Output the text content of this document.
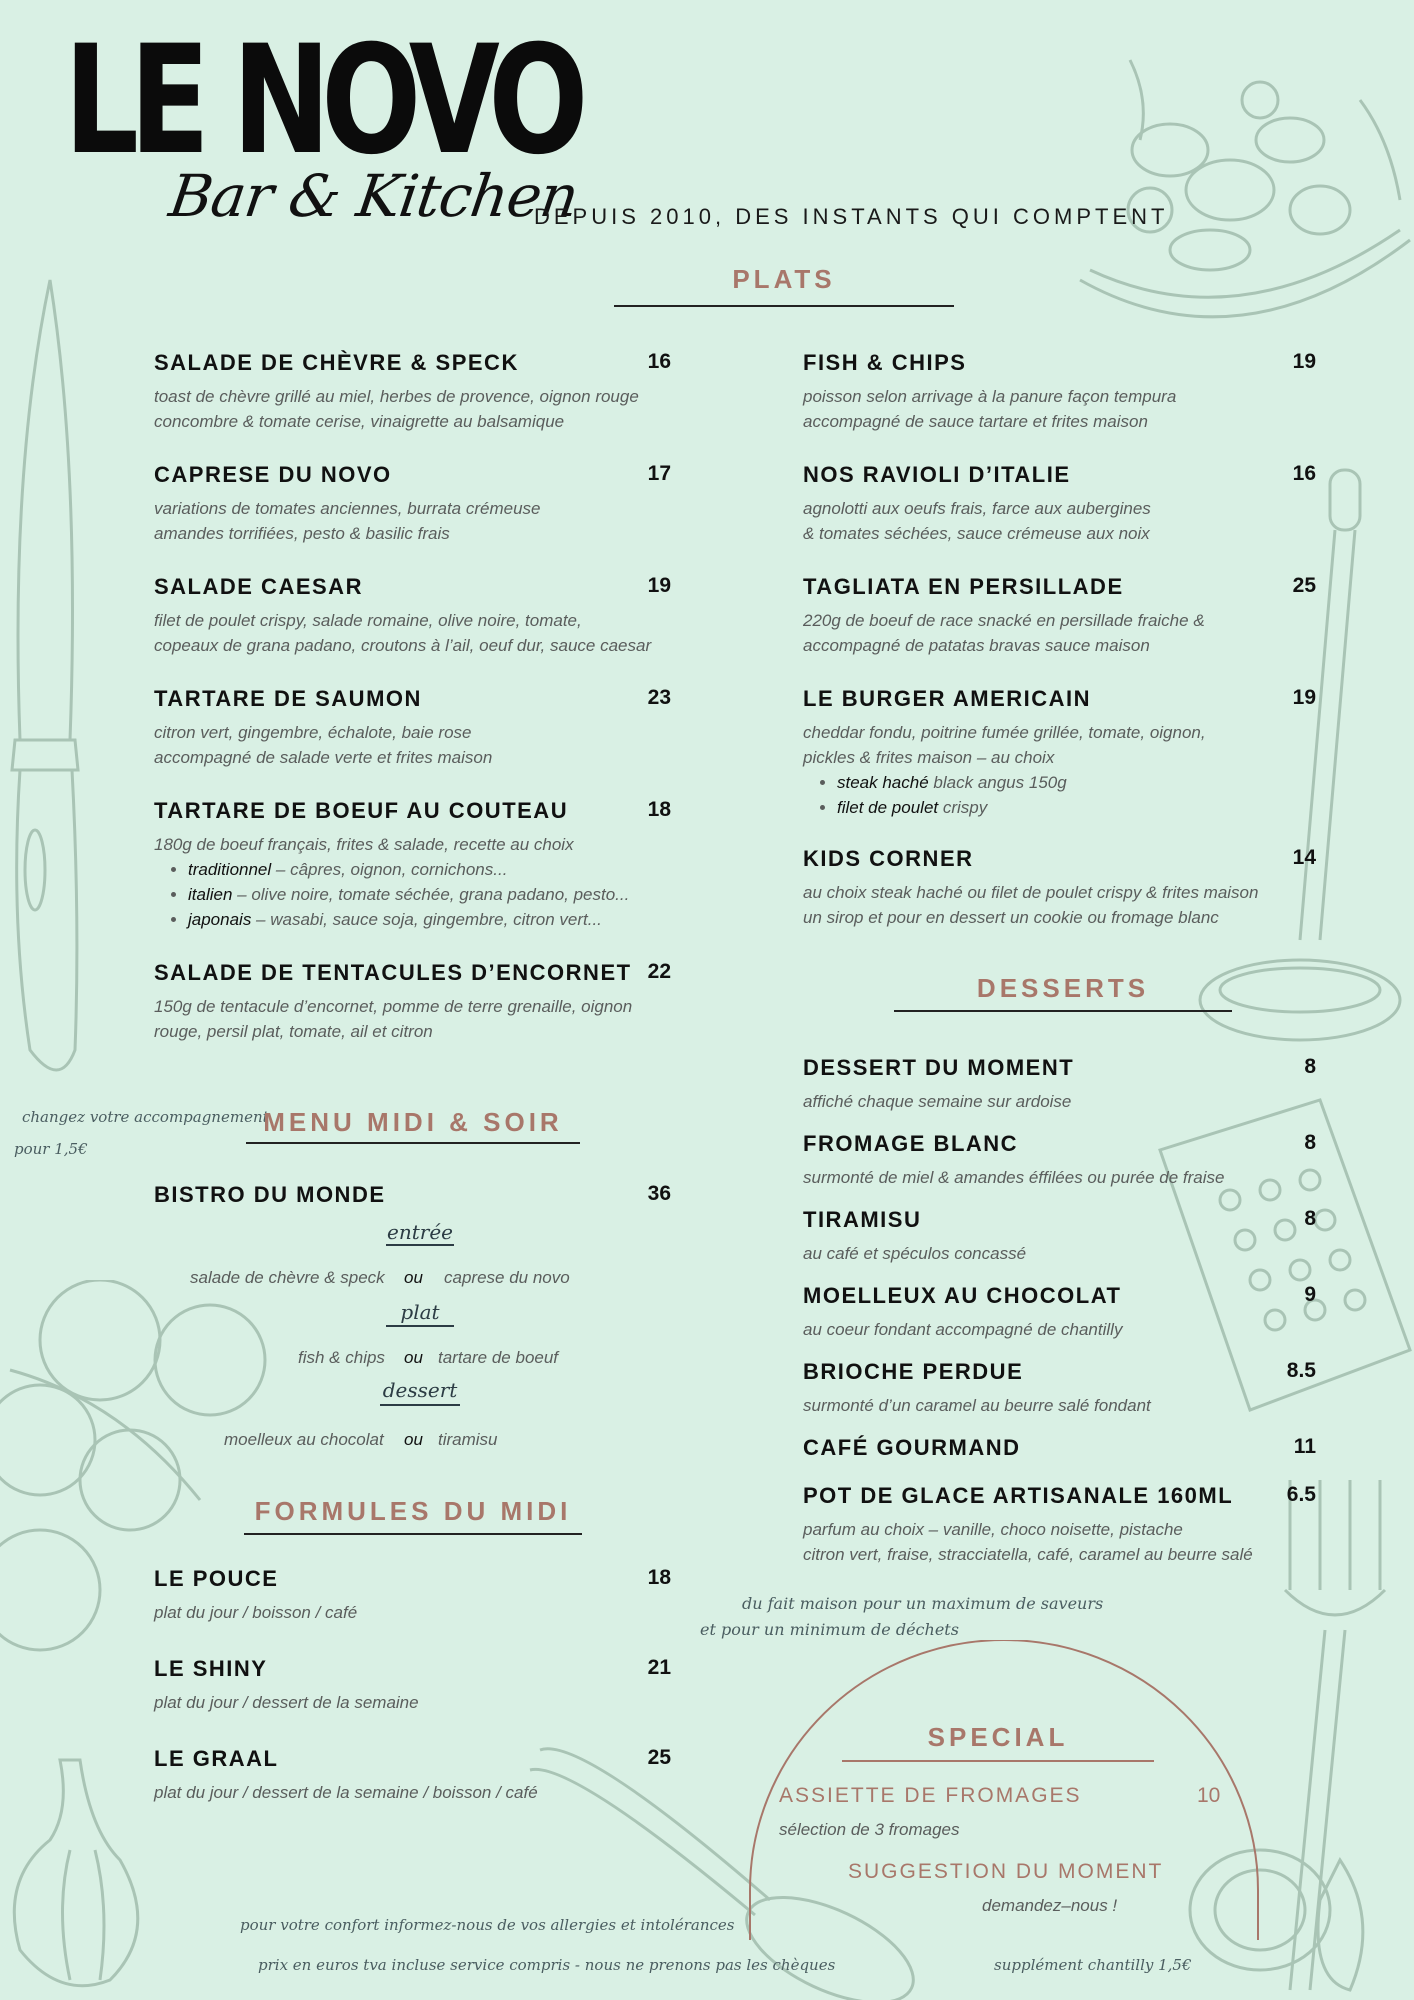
LE NOVO
Bar & Kitchen
DEPUIS 2010, DES INSTANTS QUI COMPTENT
PLATS
SALADE DE CHÈVRE & SPECK	16
toast de chèvre grillé au miel, herbes de provence, oignon rouge
concombre & tomate cerise, vinaigrette au balsamique
CAPRESE DU NOVO	17
variations de tomates anciennes, burrata crémeuse
amandes torrifiées, pesto & basilic frais
SALADE CAESAR	19
filet de poulet crispy, salade romaine, olive noire, tomate,
copeaux de grana padano, croutons à l’ail, oeuf dur, sauce caesar
TARTARE DE SAUMON	23
citron vert, gingembre, échalote, baie rose
accompagné de salade verte et frites maison
TARTARE DE BOEUF AU COUTEAU	18
180g de boeuf français, frites & salade, recette au choix
• traditionnel – câpres, oignon, cornichons...
• italien – olive noire, tomate séchée, grana padano, pesto...
• japonais – wasabi, sauce soja, gingembre, citron vert...
SALADE DE TENTACULES D’ENCORNET 22
150g de tentacule d’encornet, pomme de terre grenaille, oignon
rouge, persil plat, tomate, ail et citron
FISH & CHIPS	19
poisson selon arrivage à la panure façon tempura
accompagné de sauce tartare et frites maison
NOS RAVIOLI D’ITALIE	16
agnolotti aux oeufs frais, farce aux aubergines
& tomates séchées, sauce crémeuse aux noix
TAGLIATA EN PERSILLADE	25
220g de boeuf de race snacké en persillade fraiche &
accompagné de patatas bravas sauce maison
LE BURGER AMERICAIN	19
cheddar fondu, poitrine fumée grillée, tomate, oignon,
pickles & frites maison – au choix
• steak haché black angus 150g
• filet de poulet crispy
KIDS CORNER	14
au choix steak haché ou filet de poulet crispy & frites maison
un sirop et pour en dessert un cookie ou fromage blanc
changez votre accompagnement
pour 1,5€
MENU MIDI & SOIR
BISTRO DU MONDE	36
entrée
salade de chèvre & speck ou caprese du novo
plat
fish & chips ou tartare de boeuf
dessert
moelleux au chocolat ou tiramisu
FORMULES DU MIDI
LE POUCE	18
plat du jour / boisson / café
LE SHINY	21
plat du jour / dessert de la semaine
LE GRAAL	25
plat du jour / dessert de la semaine / boisson / café
DESSERTS
DESSERT DU MOMENT	8
affiché chaque semaine sur ardoise
FROMAGE BLANC	8
surmonté de miel & amandes éffilées ou purée de fraise
TIRAMISU	8
au café et spéculos concassé
MOELLEUX AU CHOCOLAT	9
au coeur fondant accompagné de chantilly
BRIOCHE PERDUE	8.5
surmonté d’un caramel au beurre salé fondant
CAFÉ GOURMAND	11
POT DE GLACE ARTISANALE 160ML	6.5
parfum au choix – vanille, choco noisette, pistache
citron vert, fraise, stracciatella, café, caramel au beurre salé
du fait maison pour un maximum de saveurs
et pour un minimum de déchets
SPECIAL
ASSIETTE DE FROMAGES	10
sélection de 3 fromages
SUGGESTION DU MOMENT
demandez–nous !
pour votre confort informez-nous de vos allergies et intolérances
prix en euros tva incluse service compris - nous ne prenons pas les chèques	supplément chantilly 1,5€
